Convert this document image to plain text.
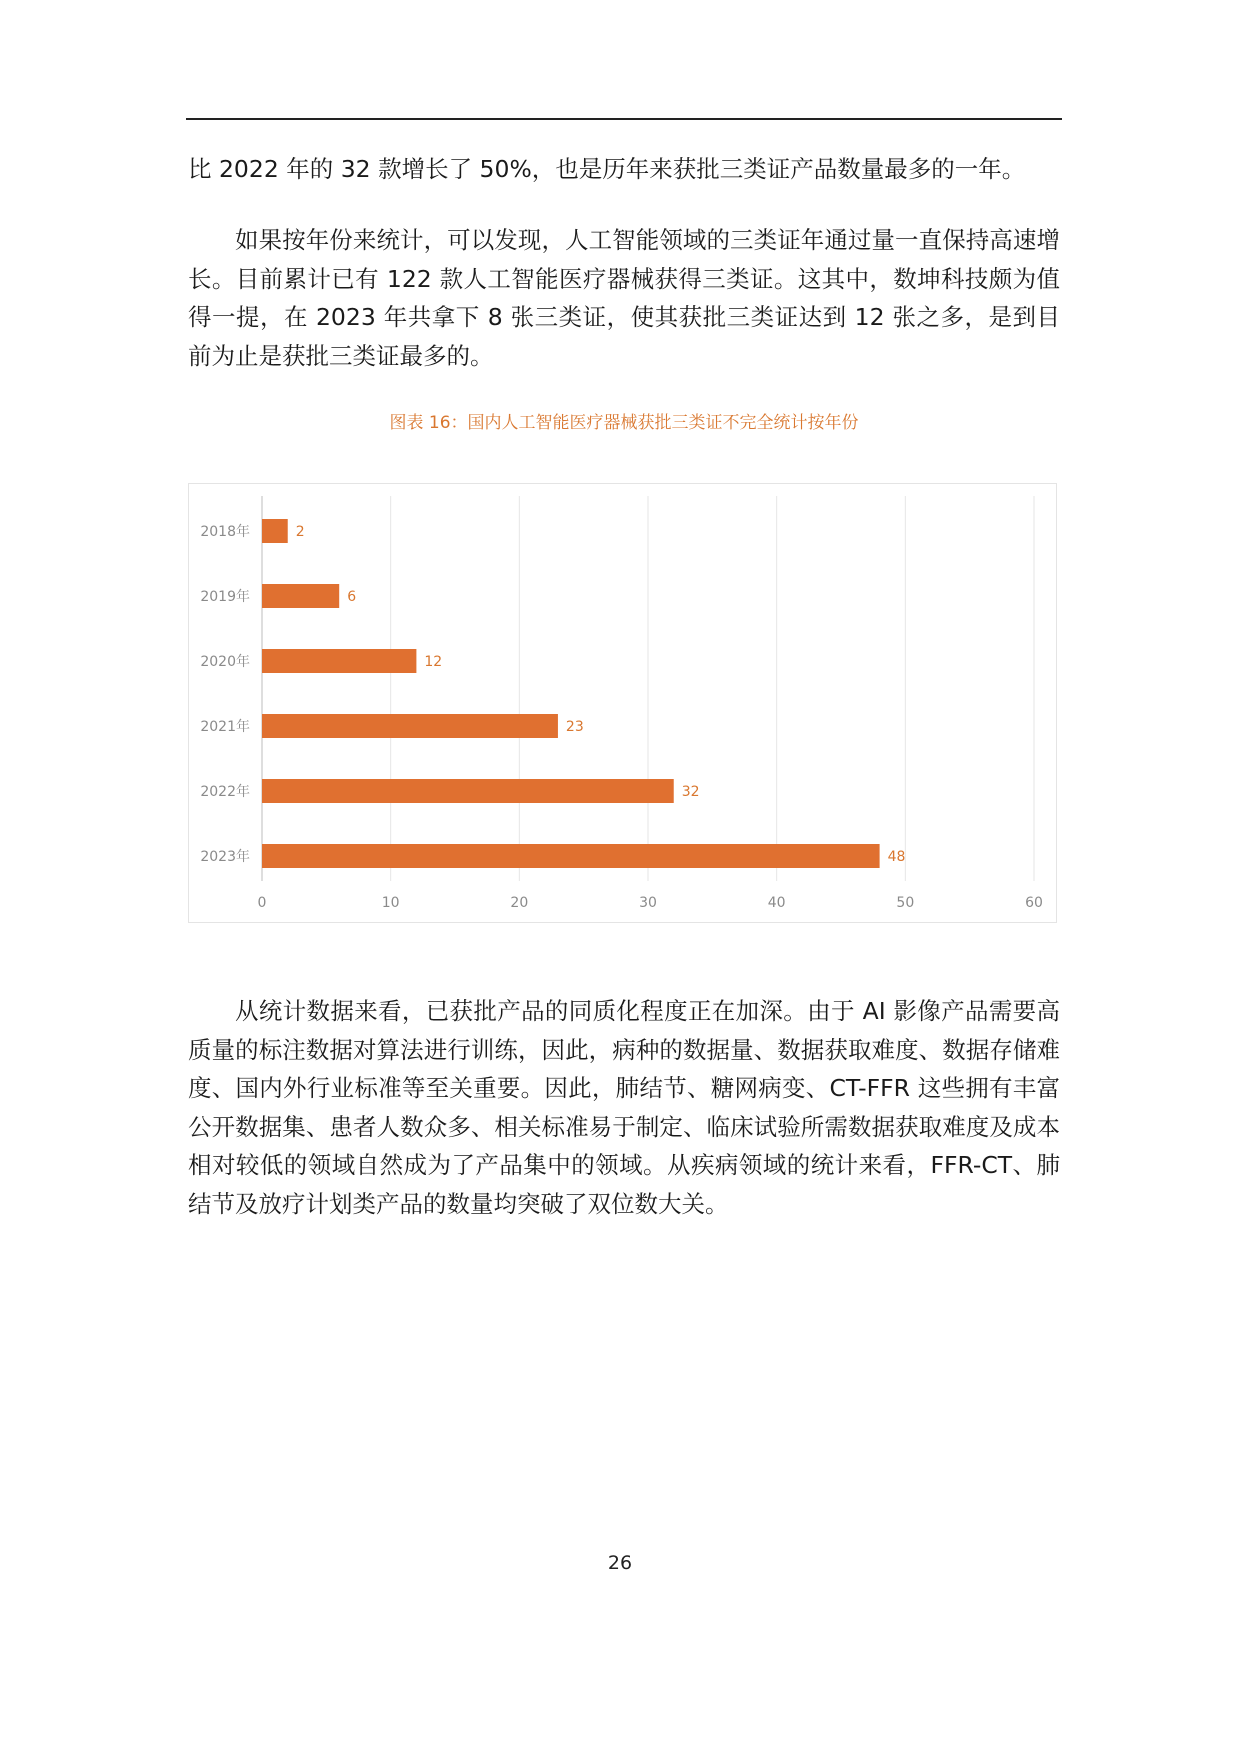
比 2022 年的 32 款增长了 50%，也是历年来获批三类证产品数量最多的一年。

如果按年份来统计，可以发现，人工智能领域的三类证年通过量一直保持高速增长。目前累计已有 122 款人工智能医疗器械获得三类证。这其中，数坤科技颇为值得一提，在 2023 年共拿下 8 张三类证，使其获批三类证达到 12 张之多，是到目前为止是获批三类证最多的。

图表 16：国内人工智能医疗器械获批三类证不完全统计按年份
0	10	20	30	40	50	60
2018年	2
2019年	6
2020年	12
2021年	23
2022年	32
2023年	48

从统计数据来看，已获批产品的同质化程度正在加深。由于 AI 影像产品需要高质量的标注数据对算法进行训练，因此，病种的数据量、数据获取难度、数据存储难度、国内外行业标准等至关重要。因此，肺结节、糖网病变、CT-FFR 这些拥有丰富公开数据集、患者人数众多、相关标准易于制定、临床试验所需数据获取难度及成本相对较低的领域自然成为了产品集中的领域。从疾病领域的统计来看，FFR-CT、肺结节及放疗计划类产品的数量均突破了双位数大关。

26
